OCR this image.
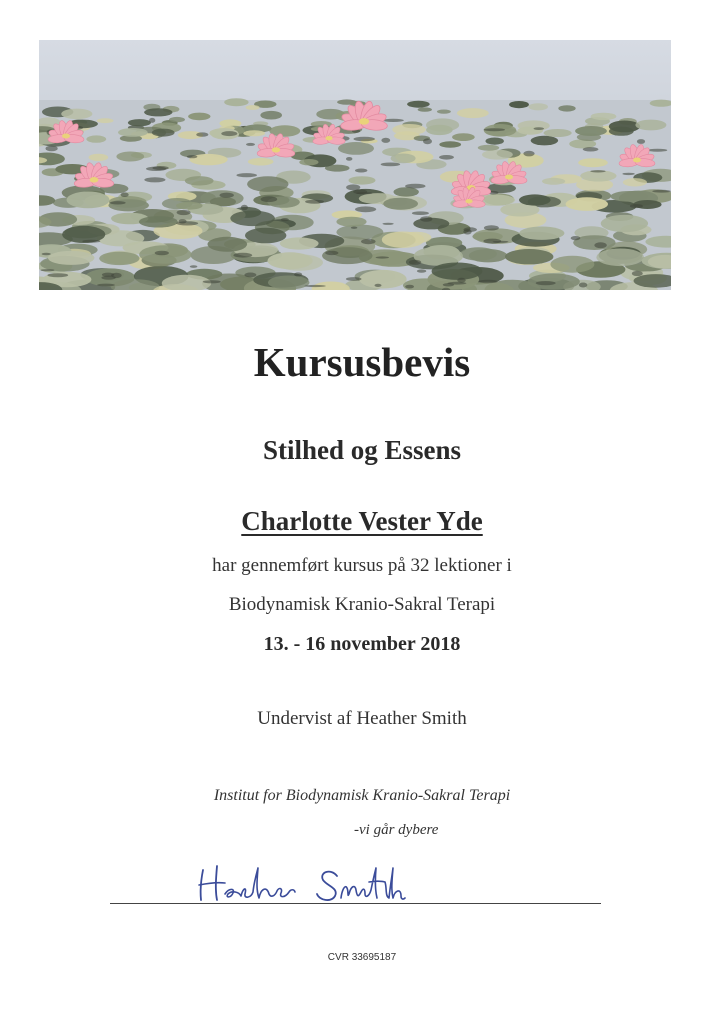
Kursusbevis
Stilhed og Essens
Charlotte Vester Yde
har gennemført kursus på 32 lektioner i
Biodynamisk Kranio-Sakral Terapi
13. - 16 november 2018
Undervist af Heather Smith
Institut for Biodynamisk Kranio-Sakral Terapi
-vi går dybere
CVR 33695187
